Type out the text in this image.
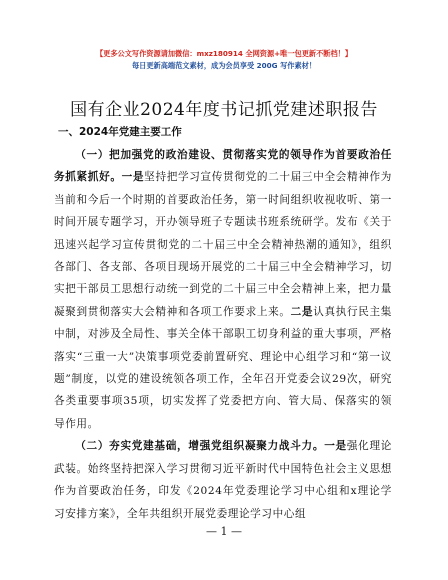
【更多公文写作资源请加微信：mxz180914 全网资源+唯一包更新不断档！】
每日更新高端范文素材，成为会员享受 200G 写作素材！
国有企业2024年度书记抓党建述职报告
一、2024年党建主要工作

（一）把加强党的政治建设、贯彻落实党的领导作为首要政治任务抓紧抓好。一是坚持把学习宣传贯彻党的二十届三中全会精神作为当前和今后一个时期的首要政治任务，第一时间组织收视收听、第一时间开展专题学习，开办领导班子专题读书班系统研学。发布《关于迅速兴起学习宣传贯彻党的二十届三中全会精神热潮的通知》，组织各部门、各支部、各项目现场开展党的二十届三中全会精神学习，切实把干部员工思想行动统一到党的二十届三中全会精神上来，把力量凝聚到贯彻落实大会精神和各项工作要求上来。二是认真执行民主集中制，对涉及全局性、事关全体干部职工切身利益的重大事项，严格落实“三重一大”决策事项党委前置研究、理论中心组学习和“第一议题”制度，以党的建设统领各项工作，全年召开党委会议29次，研究各类重要事项35项，切实发挥了党委把方向、管大局、保落实的领导作用。

（二）夯实党建基础，增强党组织凝聚力战斗力。一是强化理论武装。始终坚持把深入学习贯彻习近平新时代中国特色社会主义思想作为首要政治任务，印发《2024年党委理论学习中心组和x理论学习安排方案》，全年共组织开展党委理论学习中心组

— 1 —
